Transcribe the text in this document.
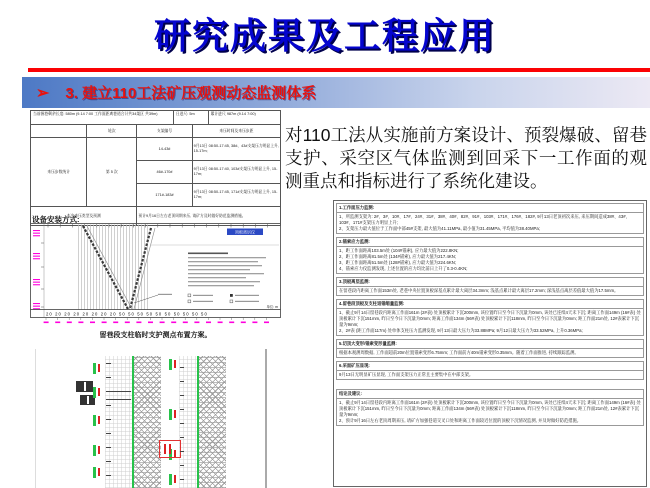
研究成果及工程应用
➢ 3. 建立110工法矿压观测动态监测体系
当前掘巷剩余长度: 580m (9.14 7:00 工作面距离巷道合计共34架区 共39m)	日进尺: 5m	累计进尺 987m (9.14 7:00)
	轮次	支架编号	来压时间及来压步距
来压步数统计	第 5 次	14-43#	9月13日 08:50-17:45, 38#、43#支架压力明显上升, 15-17m;
		46#-170#	9月13日 08:50-17:40, 103#支架压力明显上升, 15-17m;
		171#-183#	9月13日 08:50-17:45, 171#支架压力明显上升, 15-17m;
本次来压类型及预测		预计9月16日左右老顶周期来压, 请矿方及时做好防范监测措施。	
设备安装方式:
顶板离层仪
20 20 20 20 20 20 20 20 50 50 50 50 50 50 50 50 50 50
单位: m
留巷段支柱临时支护测点布置方案。
对110工法从实施前方案设计、预裂爆破、留巷支护、采空区气体监测到回采下一工作面的观测重点和指标进行了系统化建设。
1.工作面压力监测:
1、所监测支架为: 2#、3#、10#、17#、24#、31#、38#、40#、82#、91#、103#、171#、176#、182#, 9月13日老顶初次来压, 来压期间造成38#、43#、103#、171#支架压力明显上升;
2、支架压力最大值位于工作面中部45#支架, 最大值为41.11MPa, 最小值为31.45MPa, 平均值为38.40MPa;
2.锚索应力监测:
1、距工作面距离103.5m处 (104#锚索), 应力最大值为222.8KN;
2、距工作面距离81.5m处 (134#锚索), 应力最大值为217.4KN;
3、距工作面距离51.5m处 (128#锚索), 应力最大值为224.6KN;
4、锚索应力仪监测发现, 上述位置的应力均比前日上升了0.3-0.4KN;
3.顶板离层监测:
在留巷段内距离工作面153m处, 老巷中央位置顶板深基点累计最大离层34.3mm; 浅基点累计最大离层17.2mm; 深浅基点离层差值最大值为17.5mm。
4.留巷段顶板及支柱退锚缩量监测:
1、截止9月14日留巷段内距离工作面161m (2#表) 处顶板累计下沉200mm, 该位置昨日至今日下沉量为0mm, 该处已连续4天未下沉; 距离工作面149m (16#表) 处顶板累计下沉151mm, 昨日至今日下沉量为0mm; 距离工作面134m (56#表) 处顶板累计下沉118mm, 昨日至今日下沉量为0mm; 距工作面21m处, 12#表累计下沉量为9mm;
2、2#表 (距工作面117m) 处单体支柱压力监测发现, 9月13日最大压力为33.88MPa; 9月12日最大压力为33.52MPa, 上升0.36MPa;
5.切顶大变形/锚索变形量监测:
根据本观测周数据, 工作面超前20m位置锚索变形6.75mm; 工作面前方40m锚索变形0.35mm。随着工作面推进, 持续跟踪监测。
6.采面矿压显现:
9月13日无明显矿压显现, 工作面支架压力正常且主要集中在中部支架。
结论及建议:
1、截止9月14日留巷段内距离工作面161m (2#表) 处顶板累计下沉200mm, 该位置昨日至今日下沉量为0mm, 该处已连续4天未下沉; 距离工作面149m (16#表) 处顶板累计下沉151mm, 昨日至今日下沉量为0mm; 距离工作面134m (56#表) 处顶板累计下沉118mm, 昨日至今日下沉量为0mm; 距工作面21m处, 12#表累计下沉量为9mm;
2、预计9月16日左右老顶周期来压, 请矿方加强巷道交叉口处和距离工作面较近位置的顶板下沉情况监测, 并及时做好防范措施。
